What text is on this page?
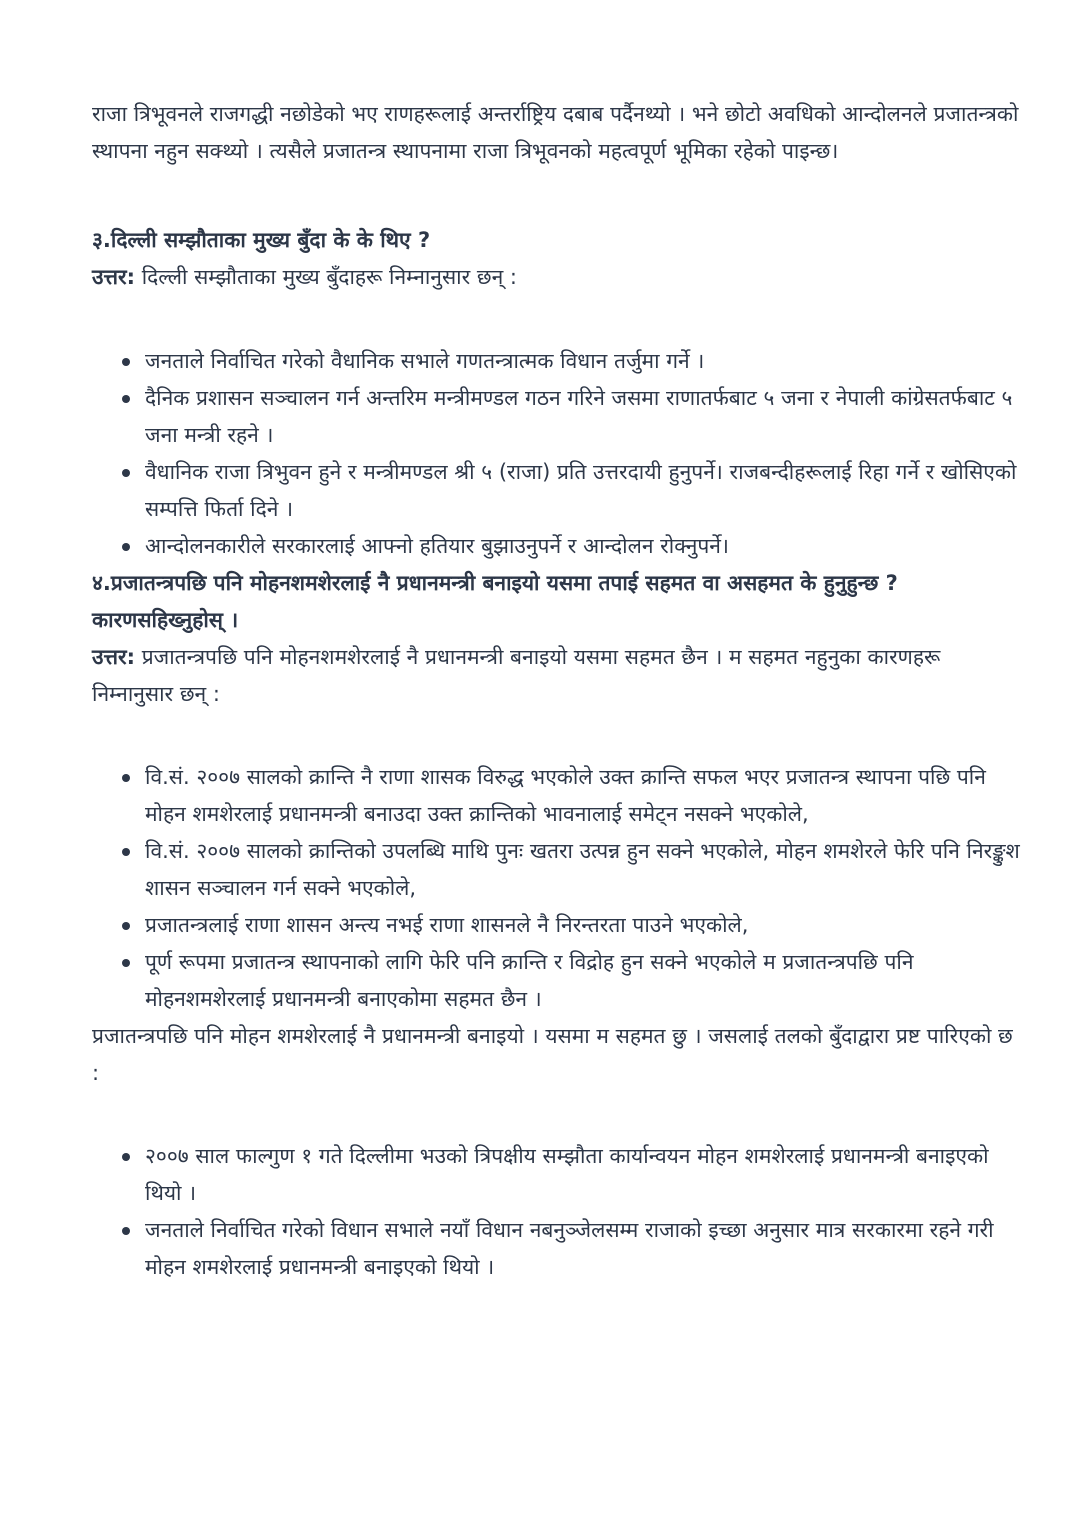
राजा त्रिभूवनले राजगद्धी नछोडेको भए राणहरूलाई अन्तर्राष्ट्रिय दबाब पर्दैनथ्यो । भने छोटो अवधिको आन्दोलनले प्रजातन्त्रको स्थापना नहुन सक्थ्यो । त्यसैले प्रजातन्त्र स्थापनामा राजा त्रिभूवनको महत्वपूर्ण भूमिका रहेको पाइन्छ।

३.दिल्ली सम्झौताका मुख्य बुँदा के के थिए ?

उत्तर: दिल्ली सम्झौताका मुख्य बुँदाहरू निम्नानुसार छन् :

जनताले निर्वाचित गरेको वैधानिक सभाले गणतन्त्रात्मक विधान तर्जुमा गर्ने ।
दैनिक प्रशासन सञ्चालन गर्न अन्तरिम मन्त्रीमण्डल गठन गरिने जसमा राणातर्फबाट ५ जना र नेपाली कांग्रेसतर्फबाट ५ जना मन्त्री रहने ।
वैधानिक राजा त्रिभुवन हुने र मन्त्रीमण्डल श्री ५ (राजा) प्रति उत्तरदायी हुनुपर्ने। राजबन्दीहरूलाई रिहा गर्ने र खोसिएको सम्पत्ति फिर्ता दिने ।
आन्दोलनकारीले सरकारलाई आफ्नो हतियार बुझाउनुपर्ने र आन्दोलन रोक्नुपर्ने।
४.प्रजातन्त्रपछि पनि मोहनशमशेरलाई नै प्रधानमन्त्री बनाइयो यसमा तपाई सहमत वा असहमत के हुनुहुन्छ ? कारणसहिख्नुहोस् ।

उत्तर: प्रजातन्त्रपछि पनि मोहनशमशेरलाई नै प्रधानमन्त्री बनाइयो यसमा सहमत छैन । म सहमत नहुनुका कारणहरू निम्नानुसार छन् :

वि.सं. २००७ सालको क्रान्ति नै राणा शासक विरुद्ध भएकोले उक्त क्रान्ति सफल भएर प्रजातन्त्र स्थापना पछि पनि मोहन शमशेरलाई प्रधानमन्त्री बनाउदा उक्त क्रान्तिको भावनालाई समेट्न नसक्ने भएकोले,
वि.सं. २००७ सालको क्रान्तिको उपलब्धि माथि पुनः खतरा उत्पन्न हुन सक्ने भएकोले, मोहन शमशेरले फेरि पनि निरङ्कुश शासन सञ्चालन गर्न सक्ने भएकोले,
प्रजातन्त्रलाई राणा शासन अन्त्य नभई राणा शासनले नै निरन्तरता पाउने भएकोले,
पूर्ण रूपमा प्रजातन्त्र स्थापनाको लागि फेरि पनि क्रान्ति र विद्रोह हुन सक्ने भएकोले म प्रजातन्त्रपछि पनि मोहनशमशेरलाई प्रधानमन्त्री बनाएकोमा सहमत छैन ।

प्रजातन्त्रपछि पनि मोहन शमशेरलाई नै प्रधानमन्त्री बनाइयो । यसमा म सहमत छु । जसलाई तलको बुँदाद्वारा प्रष्ट पारिएको छ :

२००७ साल फाल्गुण १ गते दिल्लीमा भउको त्रिपक्षीय सम्झौता कार्यान्वयन मोहन शमशेरलाई प्रधानमन्त्री बनाइएको थियो ।
जनताले निर्वाचित गरेको विधान सभाले नयाँ विधान नबनुञ्जेलसम्म राजाको इच्छा अनुसार मात्र सरकारमा रहने गरी मोहन शमशेरलाई प्रधानमन्त्री बनाइएको थियो ।
